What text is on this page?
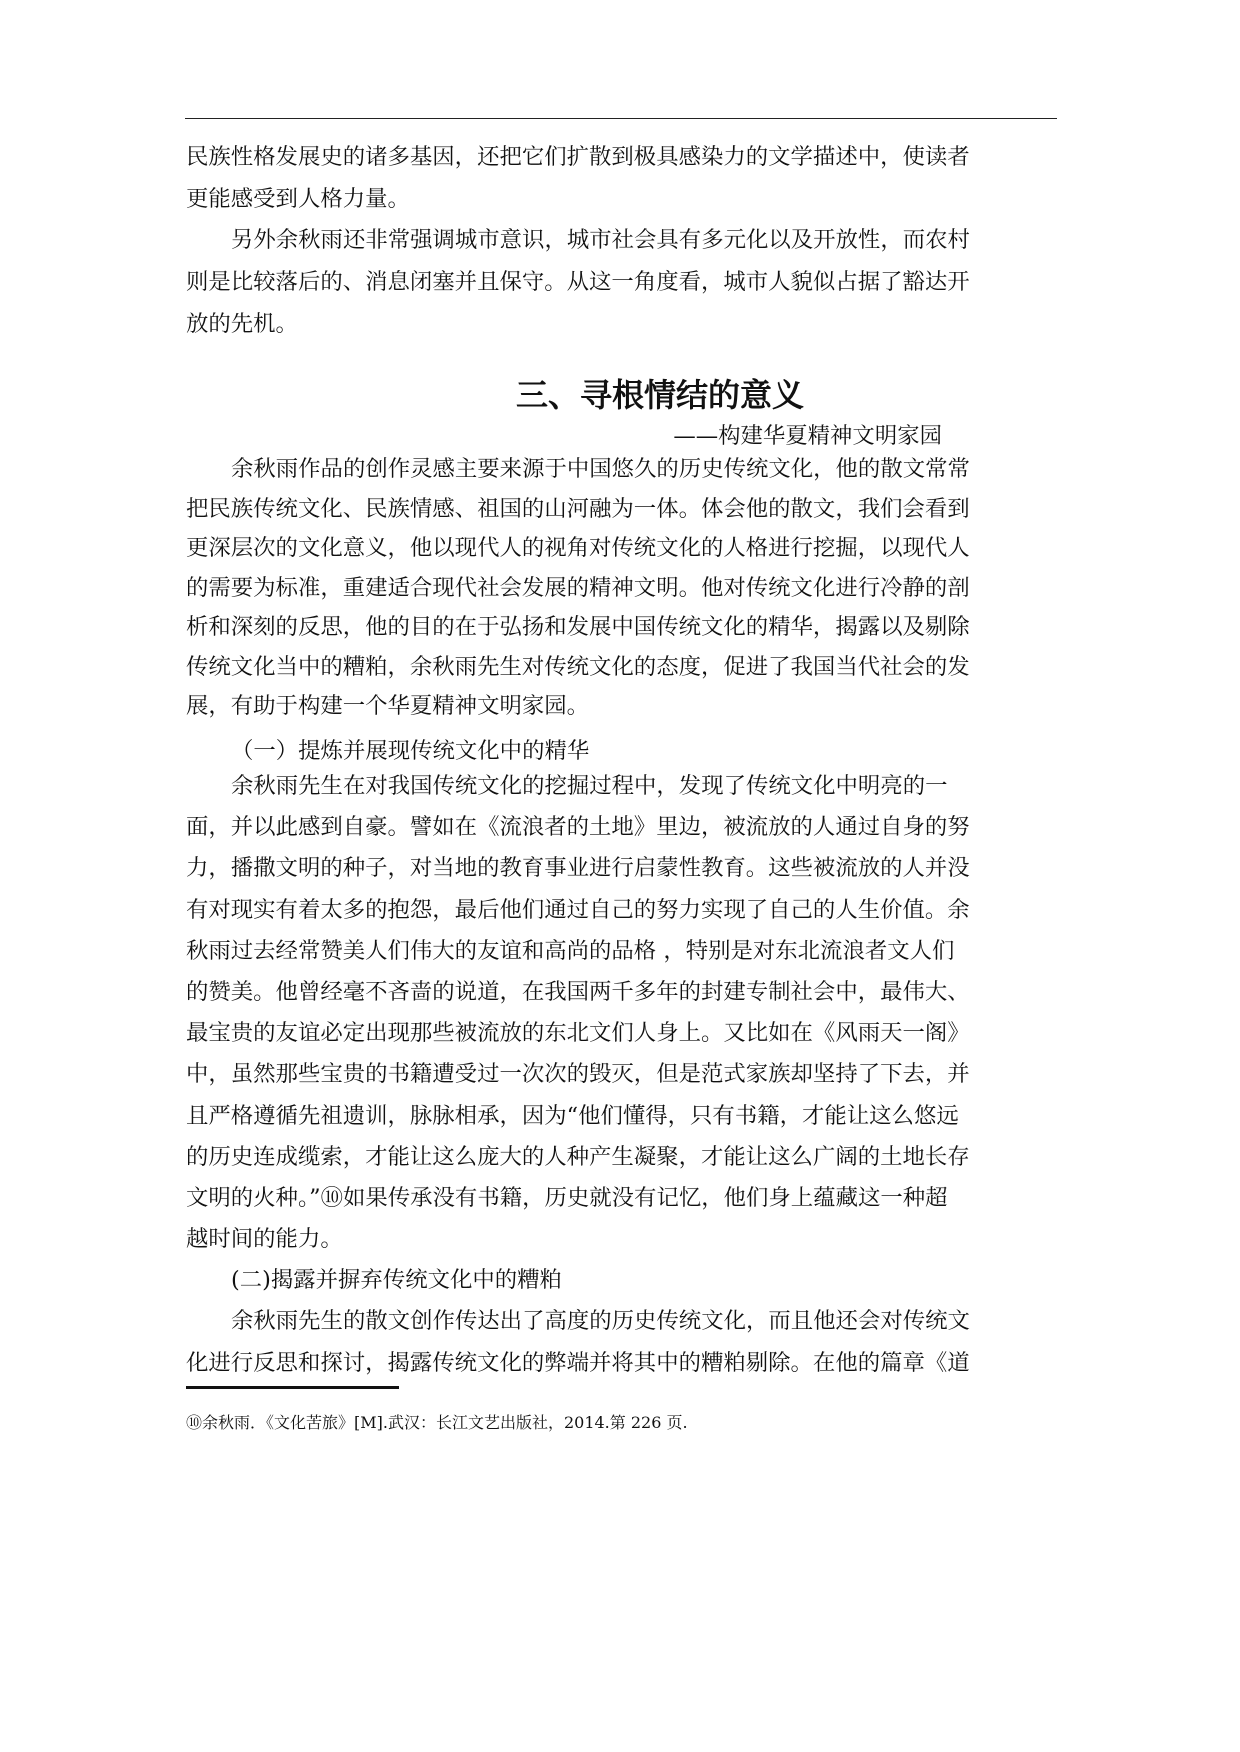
民族性格发展史的诸多基因，还把它们扩散到极具感染力的文学描述中，使读者
更能感受到人格力量。
另外余秋雨还非常强调城市意识，城市社会具有多元化以及开放性，而农村
则是比较落后的、消息闭塞并且保守。从这一角度看，城市人貌似占据了豁达开
放的先机。
三、寻根情结的意义
——构建华夏精神文明家园
余秋雨作品的创作灵感主要来源于中国悠久的历史传统文化，他的散文常常
把民族传统文化、民族情感、祖国的山河融为一体。体会他的散文，我们会看到
更深层次的文化意义，他以现代人的视角对传统文化的人格进行挖掘，以现代人
的需要为标准，重建适合现代社会发展的精神文明。他对传统文化进行冷静的剖
析和深刻的反思，他的目的在于弘扬和发展中国传统文化的精华，揭露以及剔除
传统文化当中的糟粕，余秋雨先生对传统文化的态度，促进了我国当代社会的发
展，有助于构建一个华夏精神文明家园。
（一）提炼并展现传统文化中的精华
余秋雨先生在对我国传统文化的挖掘过程中，发现了传统文化中明亮的一
面，并以此感到自豪。譬如在《流浪者的土地》里边，被流放的人通过自身的努
力，播撒文明的种子，对当地的教育事业进行启蒙性教育。这些被流放的人并没
有对现实有着太多的抱怨，最后他们通过自己的努力实现了自己的人生价值。余
秋雨过去经常赞美人们伟大的友谊和高尚的品格 ，特别是对东北流浪者文人们
的赞美。他曾经毫不吝啬的说道，在我国两千多年的封建专制社会中，最伟大、
最宝贵的友谊必定出现那些被流放的东北文们人身上。又比如在《风雨天一阁》
中，虽然那些宝贵的书籍遭受过一次次的毁灭，但是范式家族却坚持了下去，并
且严格遵循先祖遗训，脉脉相承，因为“他们懂得，只有书籍，才能让这么悠远
的历史连成缆索，才能让这么庞大的人种产生凝聚，才能让这么广阔的土地长存
文明的火种。”⑩如果传承没有书籍，历史就没有记忆，他们身上蕴藏这一种超
越时间的能力。
(二)揭露并摒弃传统文化中的糟粕
余秋雨先生的散文创作传达出了高度的历史传统文化，而且他还会对传统文
化进行反思和探讨，揭露传统文化的弊端并将其中的糟粕剔除。在他的篇章《道
⑩余秋雨．《文化苦旅》[M].武汉：长江文艺出版社，2014.第 226 页.
